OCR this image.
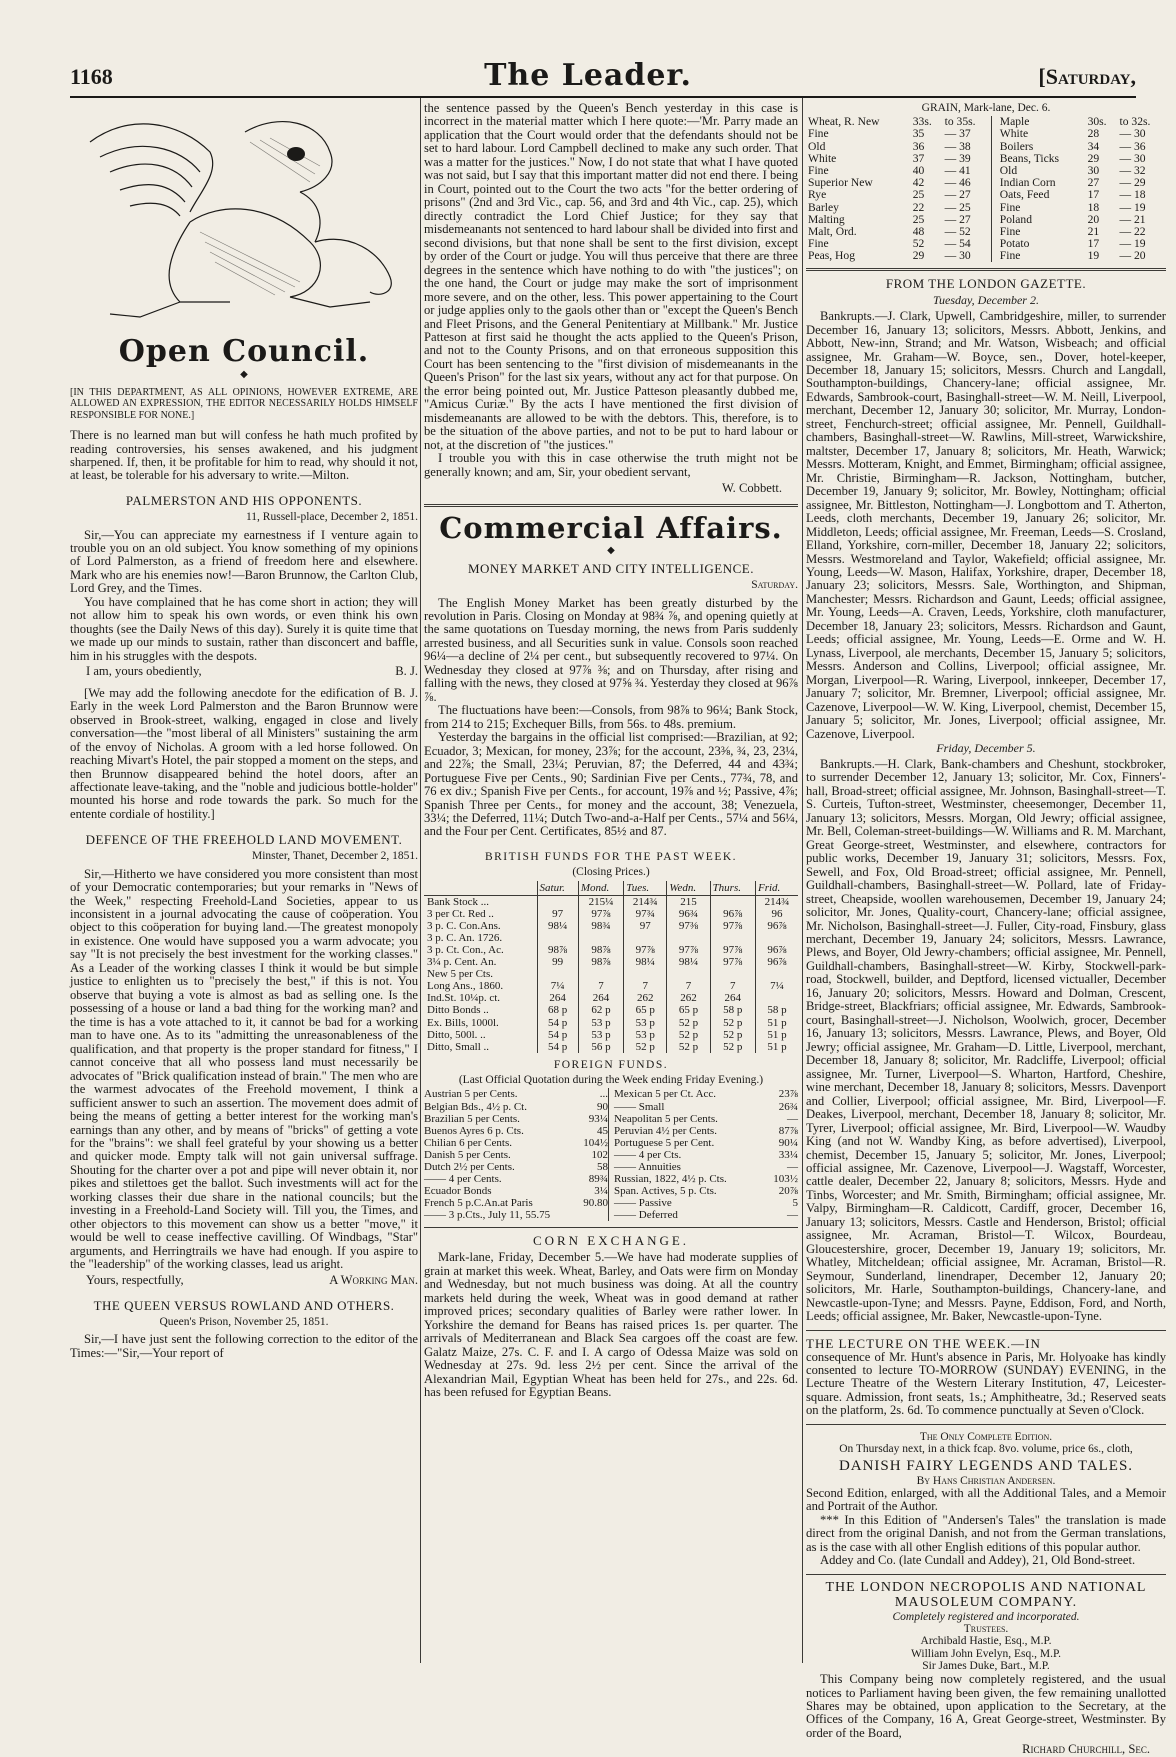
1168	The Leader.	[Saturday,
Open Council.
◆
[IN THIS DEPARTMENT, AS ALL OPINIONS, HOWEVER EXTREME, ARE ALLOWED AN EXPRESSION, THE EDITOR NECESSARILY HOLDS HIMSELF RESPONSIBLE FOR NONE.]
There is no learned man but will confess he hath much profited by reading controversies, his senses awakened, and his judgment sharpened. If, then, it be profitable for him to read, why should it not, at least, be tolerable for his adversary to write.—Milton.
PALMERSTON AND HIS OPPONENTS.
11, Russell-place, December 2, 1851.

Sir,—You can appreciate my earnestness if I venture again to trouble you on an old subject. You know something of my opinions of Lord Palmerston, as a friend of freedom here and elsewhere. Mark who are his enemies now!—Baron Brunnow, the Carlton Club, Lord Grey, and the Times.

You have complained that he has come short in action; they will not allow him to speak his own words, or even think his own thoughts (see the Daily News of this day). Surely it is quite time that we made up our minds to sustain, rather than disconcert and baffle, him in his struggles with the despots.

I am, yours obediently,	B. J.

[We may add the following anecdote for the edification of B. J. Early in the week Lord Palmerston and the Baron Brunnow were observed in Brook-street, walking, engaged in close and lively conversation—the "most liberal of all Ministers" sustaining the arm of the envoy of Nicholas. A groom with a led horse followed. On reaching Mivart's Hotel, the pair stopped a moment on the steps, and then Brunnow disappeared behind the hotel doors, after an affectionate leave-taking, and the "noble and judicious bottle-holder" mounted his horse and rode towards the park. So much for the entente cordiale of hostility.]

DEFENCE OF THE FREEHOLD LAND MOVEMENT.
Minster, Thanet, December 2, 1851.

Sir,—Hitherto we have considered you more consistent than most of your Democratic contemporaries; but your remarks in "News of the Week," respecting Freehold-Land Societies, appear to us inconsistent in a journal advocating the cause of coöperation. You object to this coöperation for buying land.—The greatest monopoly in existence. One would have supposed you a warm advocate; you say "It is not precisely the best investment for the working classes." As a Leader of the working classes I think it would be but simple justice to enlighten us to "precisely the best," if this is not. You observe that buying a vote is almost as bad as selling one. Is the possessing of a house or land a bad thing for the working man? and the time is has a vote attached to it, it cannot be bad for a working man to have one. As to its "admitting the unreasonableness of the qualification, and that property is the proper standard for fitness," I cannot conceive that all who possess land must necessarily be advocates of "Brick qualification instead of brain." The men who are the warmest advocates of the Freehold movement, I think a sufficient answer to such an assertion. The movement does admit of being the means of getting a better interest for the working man's earnings than any other, and by means of "bricks" of getting a vote for the "brains": we shall feel grateful by your showing us a better and quicker mode. Empty talk will not gain universal suffrage. Shouting for the charter over a pot and pipe will never obtain it, nor pikes and stilettoes get the ballot. Such investments will act for the working classes their due share in the national councils; but the investing in a Freehold-Land Society will. Till you, the Times, and other objectors to this movement can show us a better "move," it would be well to cease ineffective cavilling. Of Windbags, "Star" arguments, and Herringtrails we have had enough. If you aspire to the "leadership" of the working classes, lead us aright.

Yours, respectfully,	A Working Man.
THE QUEEN VERSUS ROWLAND AND OTHERS.
Queen's Prison, November 25, 1851.

Sir,—I have just sent the following correction to the editor of the Times:—"Sir,—Your report of

the sentence passed by the Queen's Bench yesterday in this case is incorrect in the material matter which I here quote:—'Mr. Parry made an application that the Court would order that the defendants should not be set to hard labour. Lord Campbell declined to make any such order. That was a matter for the justices." Now, I do not state that what I have quoted was not said, but I say that this important matter did not end there. I being in Court, pointed out to the Court the two acts "for the better ordering of prisons" (2nd and 3rd Vic., cap. 56, and 3rd and 4th Vic., cap. 25), which directly contradict the Lord Chief Justice; for they say that misdemeanants not sentenced to hard labour shall be divided into first and second divisions, but that none shall be sent to the first division, except by order of the Court or judge. You will thus perceive that there are three degrees in the sentence which have nothing to do with "the justices"; on the one hand, the Court or judge may make the sort of imprisonment more severe, and on the other, less. This power appertaining to the Court or judge applies only to the gaols other than or "except the Queen's Bench and Fleet Prisons, and the General Penitentiary at Millbank." Mr. Justice Patteson at first said he thought the acts applied to the Queen's Prison, and not to the County Prisons, and on that erroneous supposition this Court has been sentencing to the "first division of misdemeanants in the Queen's Prison" for the last six years, without any act for that purpose. On the error being pointed out, Mr. Justice Patteson pleasantly dubbed me, "Amicus Curiæ." By the acts I have mentioned the first division of misdemeanants are allowed to be with the debtors. This, therefore, is to be the situation of the above parties, and not to be put to hard labour or not, at the discretion of "the justices."

I trouble you with this in case otherwise the truth might not be generally known; and am, Sir, your obedient servant,

W. Cobbett.
Commercial Affairs.
◆
MONEY MARKET AND CITY INTELLIGENCE.
Saturday.

The English Money Market has been greatly disturbed by the revolution in Paris. Closing on Monday at 98¾ ⅞, and opening quietly at the same quotations on Tuesday morning, the news from Paris suddenly arrested business, and all Securities sunk in value. Consols soon reached 96¼—a decline of 2¼ per cent., but subsequently recovered to 97¼. On Wednesday they closed at 97⅞ ⅜; and on Thursday, after rising and falling with the news, they closed at 97⅝ ¾. Yesterday they closed at 96⅞ ⅞.

The fluctuations have been:—Consols, from 98⅞ to 96¼; Bank Stock, from 214 to 215; Exchequer Bills, from 56s. to 48s. premium.

Yesterday the bargains in the official list comprised:—Brazilian, at 92; Ecuador, 3; Mexican, for money, 23⅞; for the account, 23⅜, ¾, 23, 23¼, and 22⅞; the Small, 23¼; Peruvian, 87; the Deferred, 44 and 43¾; Portuguese Five per Cents., 90; Sardinian Five per Cents., 77¾, 78, and 76 ex div.; Spanish Five per Cents., for account, 19⅞ and ½; Passive, 4⅞; Spanish Three per Cents., for money and the account, 38; Venezuela, 33¼; the Deferred, 11¼; Dutch Two-and-a-Half per Cents., 57¼ and 56¼, and the Four per Cent. Certificates, 85½ and 87.

BRITISH FUNDS FOR THE PAST WEEK.
(Closing Prices.)
	Satur.	Mond.	Tues.	Wedn.	Thurs.	Frid.
Bank Stock ...		215¼	214¾	215		214¾
3 per Ct. Red ..	97	97⅞	97¾	96¾	96⅞	96
3 p. C. Con.Ans.	98¼	98¾	97	97⅜	97⅞	96⅞
3 p. C. An. 1726.						
3 p. Ct. Con., Ac.	98⅞	98⅞	97⅞	97⅞	97⅞	96⅞
3¼ p. Cent. An.	99	98⅞	98¼	98¼	97⅞	96⅞
New 5 per Cts.						
Long Ans., 1860.	7¼	7	7	7	7	7¼
Ind.St. 10¼p. ct.	264	264	262	262	264	
Ditto Bonds ..	68 p	62 p	65 p	65 p	58 p	58 p
Ex. Bills, 1000l.	54 p	53 p	53 p	52 p	52 p	51 p
Ditto, 500l. ..	54 p	53 p	53 p	52 p	52 p	51 p
Ditto, Small ..	54 p	56 p	52 p	52 p	52 p	51 p
FOREIGN FUNDS.
(Last Official Quotation during the Week ending Friday Evening.)
Austrian 5 per Cents.	...
Belgian Bds., 4½ p. Ct.	90
Brazilian 5 per Cents.	93¼
Buenos Ayres 6 p. Cts.	45
Chilian 6 per Cents.	104½
Danish 5 per Cents.	102
Dutch 2½ per Cents.	58
—— 4 per Cents.	89¾
Ecuador Bonds	3¼
French 5 p.C.An.at Paris	90.80
—— 3 p.Cts., July 11, 55.75
Mexican 5 per Ct. Acc.	23⅞
—— Small	26¾
Neapolitan 5 per Cents.	—
Peruvian 4½ per Cents.	87⅞
Portuguese 5 per Cent.	90¼
—— 4 per Cts.	33¼
—— Annuities	—
Russian, 1822, 4½ p. Cts.	103½
Span. Actives, 5 p. Cts.	20⅞
—— Passive	5
—— Deferred	—
CORN EXCHANGE.

Mark-lane, Friday, December 5.—We have had moderate supplies of grain at market this week. Wheat, Barley, and Oats were firm on Monday and Wednesday, but not much business was doing. At all the country markets held during the week, Wheat was in good demand at rather improved prices; secondary qualities of Barley were rather lower. In Yorkshire the demand for Beans has raised prices 1s. per quarter. The arrivals of Mediterranean and Black Sea cargoes off the coast are few. Galatz Maize, 27s. C. F. and I. A cargo of Odessa Maize was sold on Wednesday at 27s. 9d. less 2½ per cent. Since the arrival of the Alexandrian Mail, Egyptian Wheat has been held for 27s., and 22s. 6d. has been refused for Egyptian Beans.

GRAIN, Mark-lane, Dec. 6.
Wheat, R. New	33s.	to 35s.		Maple	30s.	to 32s.
Fine	35	— 37		White	28	— 30
Old	36	— 38		Boilers	34	— 36
White	37	— 39		Beans, Ticks	29	— 30
Fine	40	— 41		Old	30	— 32
Superior New	42	— 46		Indian Corn	27	— 29
Rye	25	— 27		Oats, Feed	17	— 18
Barley	22	— 25		Fine	18	— 19
Malting	25	— 27		Poland	20	— 21
Malt, Ord.	48	— 52		Fine	21	— 22
Fine	52	— 54		Potato	17	— 19
Peas, Hog	29	— 30		Fine	19	— 20
FROM THE LONDON GAZETTE.
Tuesday, December 2.

Bankrupts.—J. Clark, Upwell, Cambridgeshire, miller, to surrender December 16, January 13; solicitors, Messrs. Abbott, Jenkins, and Abbott, New-inn, Strand; and Mr. Watson, Wisbeach; and official assignee, Mr. Graham—W. Boyce, sen., Dover, hotel-keeper, December 18, January 15; solicitors, Messrs. Church and Langdall, Southampton-buildings, Chancery-lane; official assignee, Mr. Edwards, Sambrook-court, Basinghall-street—W. M. Neill, Liverpool, merchant, December 12, January 30; solicitor, Mr. Murray, London-street, Fenchurch-street; official assignee, Mr. Pennell, Guildhall-chambers, Basinghall-street—W. Rawlins, Mill-street, Warwickshire, maltster, December 17, January 8; solicitors, Mr. Heath, Warwick; Messrs. Motteram, Knight, and Emmet, Birmingham; official assignee, Mr. Christie, Birmingham—R. Jackson, Nottingham, butcher, December 19, January 9; solicitor, Mr. Bowley, Nottingham; official assignee, Mr. Bittleston, Nottingham—J. Longbottom and T. Atherton, Leeds, cloth merchants, December 19, January 26; solicitor, Mr. Middleton, Leeds; official assignee, Mr. Freeman, Leeds—S. Crosland, Elland, Yorkshire, corn-miller, December 18, January 22; solicitors, Messrs. Westmoreland and Taylor, Wakefield; official assignee, Mr. Young, Leeds—W. Mason, Halifax, Yorkshire, draper, December 18, January 23; solicitors, Messrs. Sale, Worthington, and Shipman, Manchester; Messrs. Richardson and Gaunt, Leeds; official assignee, Mr. Young, Leeds—A. Craven, Leeds, Yorkshire, cloth manufacturer, December 18, January 23; solicitors, Messrs. Richardson and Gaunt, Leeds; official assignee, Mr. Young, Leeds—E. Orme and W. H. Lynass, Liverpool, ale merchants, December 15, January 5; solicitors, Messrs. Anderson and Collins, Liverpool; official assignee, Mr. Morgan, Liverpool—R. Waring, Liverpool, innkeeper, December 17, January 7; solicitor, Mr. Bremner, Liverpool; official assignee, Mr. Cazenove, Liverpool—W. W. King, Liverpool, chemist, December 15, January 5; solicitor, Mr. Jones, Liverpool; official assignee, Mr. Cazenove, Liverpool.

Friday, December 5.

Bankrupts.—H. Clark, Bank-chambers and Cheshunt, stockbroker, to surrender December 12, January 13; solicitor, Mr. Cox, Finners'-hall, Broad-street; official assignee, Mr. Johnson, Basinghall-street—T. S. Curteis, Tufton-street, Westminster, cheesemonger, December 11, January 13; solicitors, Messrs. Morgan, Old Jewry; official assignee, Mr. Bell, Coleman-street-buildings—W. Williams and R. M. Marchant, Great George-street, Westminster, and elsewhere, contractors for public works, December 19, January 31; solicitors, Messrs. Fox, Sewell, and Fox, Old Broad-street; official assignee, Mr. Pennell, Guildhall-chambers, Basinghall-street—W. Pollard, late of Friday-street, Cheapside, woollen warehousemen, December 19, January 24; solicitor, Mr. Jones, Quality-court, Chancery-lane; official assignee, Mr. Nicholson, Basinghall-street—J. Fuller, City-road, Finsbury, glass merchant, December 19, January 24; solicitors, Messrs. Lawrance, Plews, and Boyer, Old Jewry-chambers; official assignee, Mr. Pennell, Guildhall-chambers, Basinghall-street—W. Kirby, Stockwell-park-road, Stockwell, builder, and Deptford, licensed victualler, December 16, January 20; solicitors, Messrs. Howard and Dolman, Crescent, Bridge-street, Blackfriars; official assignee, Mr. Edwards, Sambrook-court, Basinghall-street—J. Nicholson, Woolwich, grocer, December 16, January 13; solicitors, Messrs. Lawrance, Plews, and Boyer, Old Jewry; official assignee, Mr. Graham—D. Little, Liverpool, merchant, December 18, January 8; solicitor, Mr. Radcliffe, Liverpool; official assignee, Mr. Turner, Liverpool—S. Wharton, Hartford, Cheshire, wine merchant, December 18, January 8; solicitors, Messrs. Davenport and Collier, Liverpool; official assignee, Mr. Bird, Liverpool—F. Deakes, Liverpool, merchant, December 18, January 8; solicitor, Mr. Tyrer, Liverpool; official assignee, Mr. Bird, Liverpool—W. Waudby King (and not W. Wandby King, as before advertised), Liverpool, chemist, December 15, January 5; solicitor, Mr. Jones, Liverpool; official assignee, Mr. Cazenove, Liverpool—J. Wagstaff, Worcester, cattle dealer, December 22, January 8; solicitors, Messrs. Hyde and Tinbs, Worcester; and Mr. Smith, Birmingham; official assignee, Mr. Valpy, Birmingham—R. Caldicott, Cardiff, grocer, December 16, January 13; solicitors, Messrs. Castle and Henderson, Bristol; official assignee, Mr. Acraman, Bristol—T. Wilcox, Bourdeau, Gloucestershire, grocer, December 19, January 19; solicitors, Mr. Whatley, Mitcheldean; official assignee, Mr. Acraman, Bristol—R. Seymour, Sunderland, linendraper, December 12, January 20; solicitors, Mr. Harle, Southampton-buildings, Chancery-lane, and Newcastle-upon-Tyne; and Messrs. Payne, Eddison, Ford, and North, Leeds; official assignee, Mr. Baker, Newcastle-upon-Tyne.

THE LECTURE ON THE WEEK.—IN

consequence of Mr. Hunt's absence in Paris, Mr. Holyoake has kindly consented to lecture TO-MORROW (SUNDAY) EVENING, in the Lecture Theatre of the Western Literary Institution, 47, Leicester-square. Admission, front seats, 1s.; Amphitheatre, 3d.; Reserved seats on the platform, 2s. 6d. To commence punctually at Seven o'Clock.

The Only Complete Edition.
On Thursday next, in a thick fcap. 8vo. volume, price 6s., cloth,
DANISH FAIRY LEGENDS AND TALES.
By Hans Christian Andersen.

Second Edition, enlarged, with all the Additional Tales, and a Memoir and Portrait of the Author.

*** In this Edition of "Andersen's Tales" the translation is made direct from the original Danish, and not from the German translations, as is the case with all other English editions of this popular author.

Addey and Co. (late Cundall and Addey), 21, Old Bond-street.

THE LONDON NECROPOLIS AND NATIONAL MAUSOLEUM COMPANY.
Completely registered and incorporated.
Trustees.
Archibald Hastie, Esq., M.P.
William John Evelyn, Esq., M.P.
Sir James Duke, Bart., M.P.

This Company being now completely registered, and the usual notices to Parliament having been given, the few remaining unallotted Shares may be obtained, upon application to the Secretary, at the Offices of the Company, 16 A, Great George-street, Westminster. By order of the Board,

Richard Churchill, Sec.
